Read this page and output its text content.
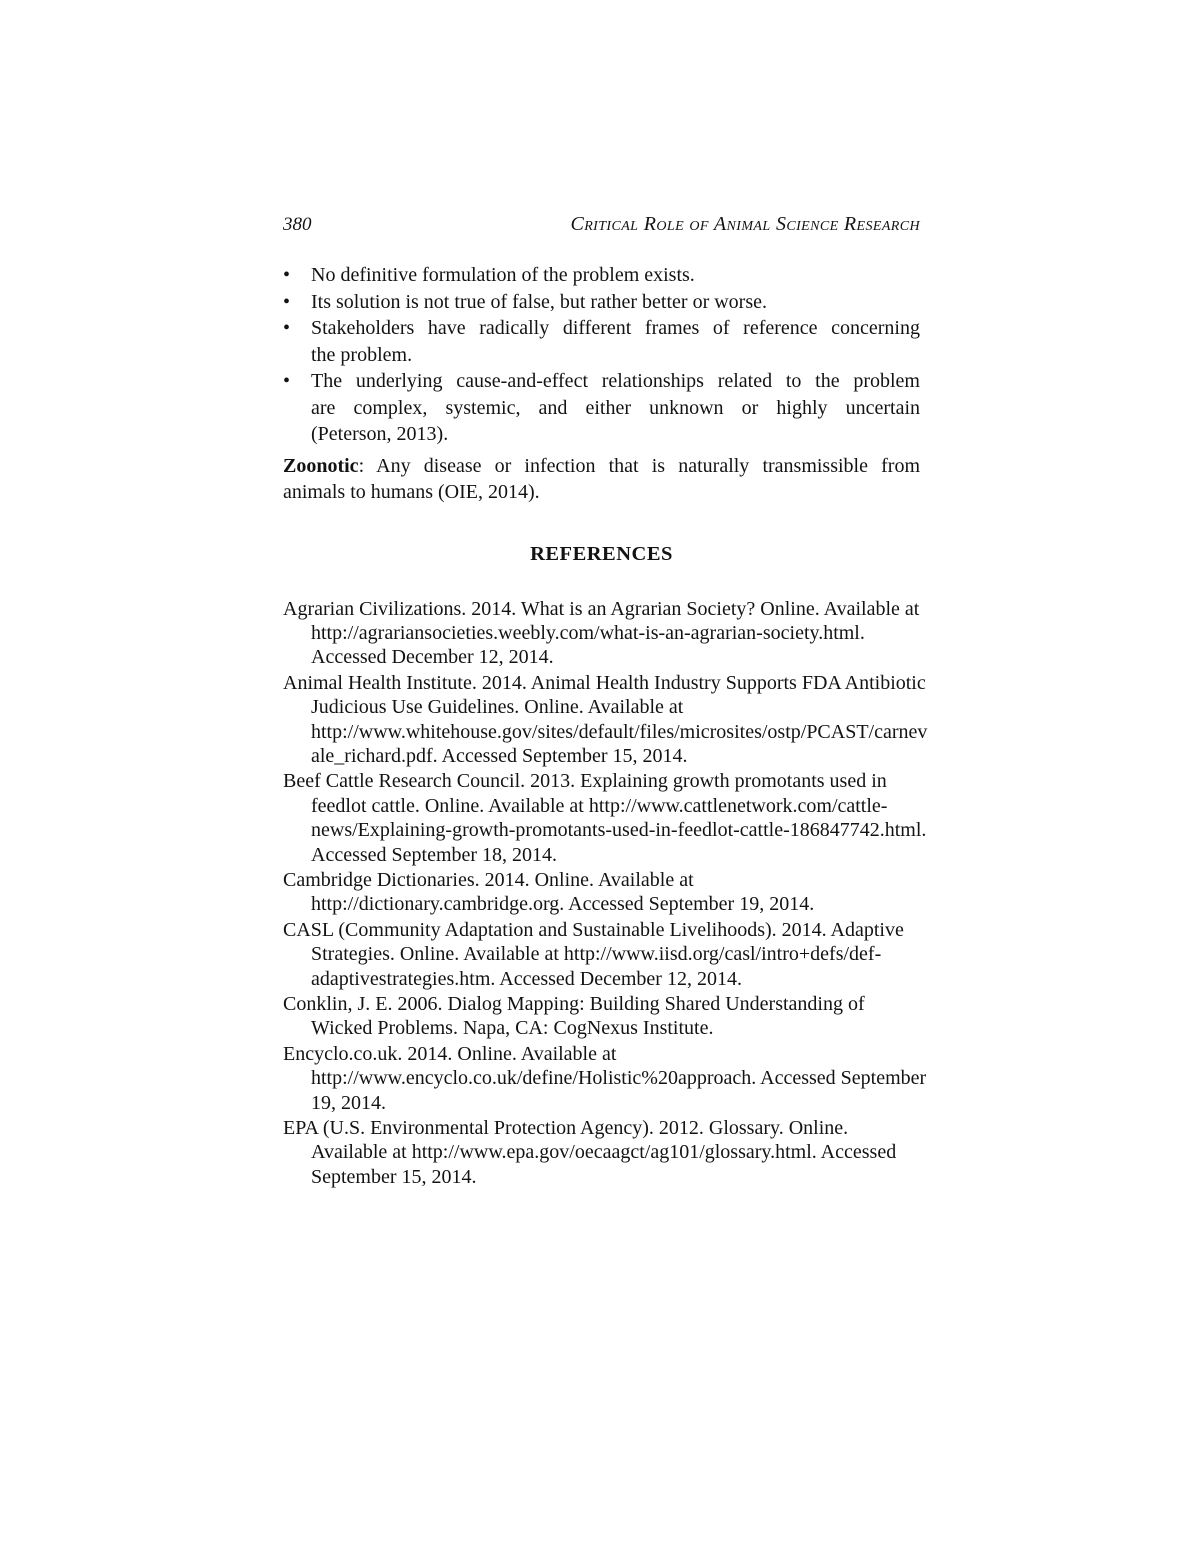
380	Critical Role of Animal Science Research
•	No definitive formulation of the problem exists.
•	Its solution is not true of false, but rather better or worse.
•	Stakeholders have radically different frames of reference concerning
the problem.
•	The underlying cause-and-effect relationships related to the problem
are complex, systemic, and either unknown or highly uncertain
(Peterson, 2013).
Zoonotic: Any disease or infection that is naturally transmissible from
animals to humans (OIE, 2014).
REFERENCES
Agrarian Civilizations. 2014. What is an Agrarian Society? Online. Available at
http://agrariansocieties.weebly.com/what-is-an-agrarian-society.html.
Accessed December 12, 2014.
Animal Health Institute. 2014. Animal Health Industry Supports FDA Antibiotic
Judicious Use Guidelines. Online. Available at
http://www.whitehouse.gov/sites/default/files/microsites/ostp/PCAST/carnev
ale_richard.pdf. Accessed September 15, 2014.
Beef Cattle Research Council. 2013. Explaining growth promotants used in
feedlot cattle. Online. Available at http://www.cattlenetwork.com/cattle-
news/Explaining-growth-promotants-used-in-feedlot-cattle-186847742.html.
Accessed September 18, 2014.
Cambridge Dictionaries. 2014. Online. Available at
http://dictionary.cambridge.org. Accessed September 19, 2014.
CASL (Community Adaptation and Sustainable Livelihoods). 2014. Adaptive
Strategies. Online. Available at http://www.iisd.org/casl/intro+defs/def-
adaptivestrategies.htm. Accessed December 12, 2014.
Conklin, J. E. 2006. Dialog Mapping: Building Shared Understanding of
Wicked Problems. Napa, CA: CogNexus Institute.
Encyclo.co.uk. 2014. Online. Available at
http://www.encyclo.co.uk/define/Holistic%20approach. Accessed September
19, 2014.
EPA (U.S. Environmental Protection Agency). 2012. Glossary. Online.
Available at http://www.epa.gov/oecaagct/ag101/glossary.html. Accessed
September 15, 2014.
